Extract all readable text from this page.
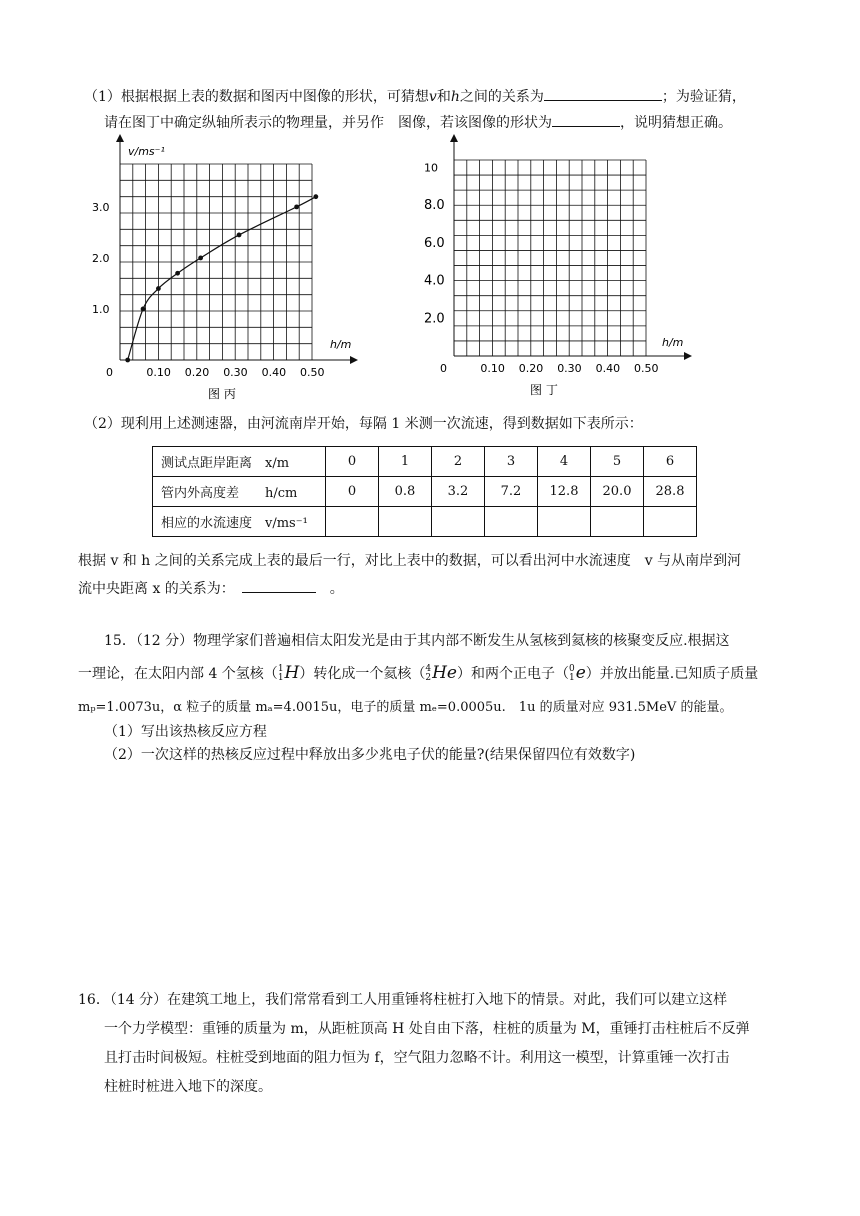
（1）根据根据上表的数据和图丙中图像的形状，可猜想v和h之间的关系为	；为验证猜，
请在图丁中确定纵轴所表示的物理量，并另作　图像，若该图像的形状为	，说明猜想正确。
v/ms⁻¹
h/m
0	0.10 0.20 0.30 0.40 0.50
1.0
2.0
3.0
图 丙
h/m
0	0.10 0.20 0.30 0.40 0.50
2.0
4.0
6.0
8.0
10
图 丁
（2）现利用上述测速器，由河流南岸开始，每隔 1 米测一次流速，得到数据如下表所示：
测试点距岸距离　x/m	0	1	2	3	4	5	6
管内外高度差　　h/cm	0	0.8	3.2	7.2	12.8	20.0	28.8
相应的水流速度　v/ms⁻¹							
根据 v 和 h 之间的关系完成上表的最后一行，对比上表中的数据，可以看出河中水流速度　v 与从南岸到河
流中央距离 x 的关系为：　　	。
15．（12 分）物理学家们普遍相信太阳发光是由于其内部不断发生从氢核到氦核的核聚变反应.根据这
一理论，在太阳内部 4 个氢核（ 1
1 H）转化成一个氦核（ 4
2 He）和两个正电子（ 0
1 e）并放出能量.已知质子质量
mₚ=1.0073u，α 粒子的质量 mₐ=4.0015u，电子的质量 mₑ=0.0005u.　1u 的质量对应 931.5MeV 的能量。
（1）写出该热核反应方程
（2）一次这样的热核反应过程中释放出多少兆电子伏的能量?(结果保留四位有效数字)
16．（14 分）在建筑工地上，我们常常看到工人用重锤将柱桩打入地下的情景。对此，我们可以建立这样
一个力学模型：重锤的质量为 m，从距桩顶高 H 处自由下落，柱桩的质量为 M，重锤打击柱桩后不反弹
且打击时间极短。柱桩受到地面的阻力恒为 f，空气阻力忽略不计。利用这一模型，计算重锤一次打击
柱桩时桩进入地下的深度。
